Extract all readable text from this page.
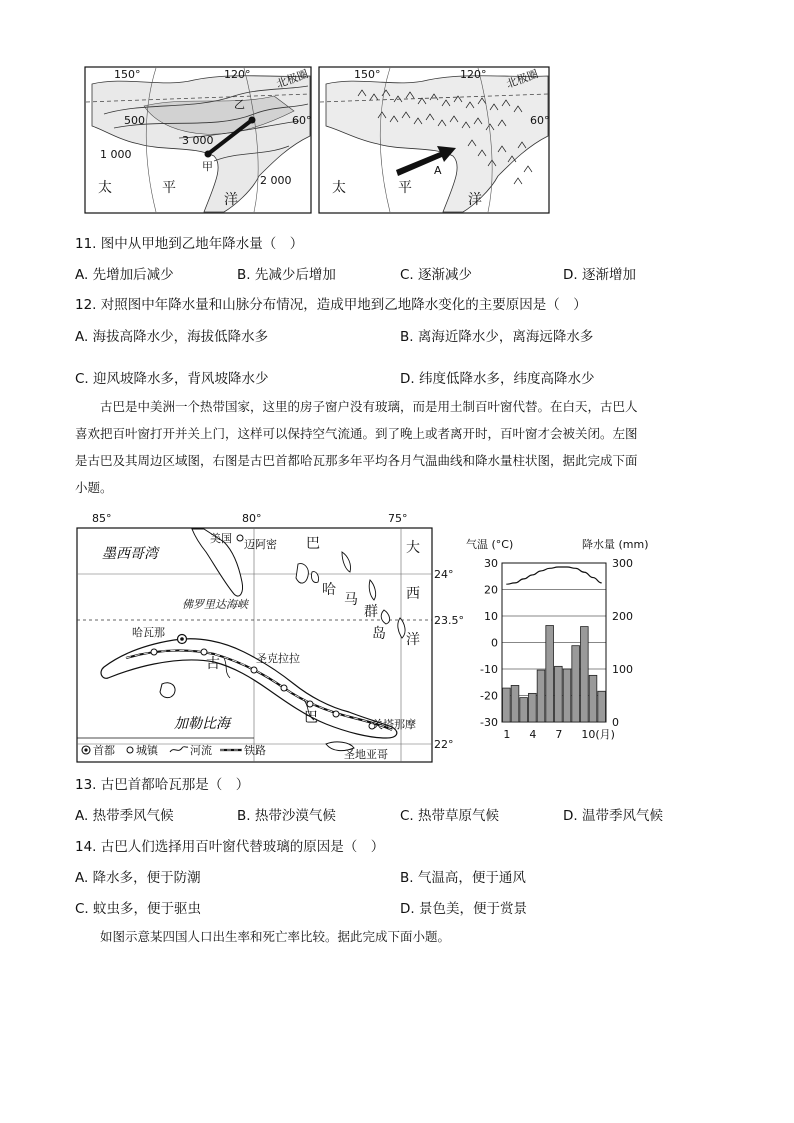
150°	120° 北极圈
60°
500
1 000
3 000
2 000
甲
乙
太	平
洋
150°	120° 北极圈
60°
A
太	平
洋
11. 图中从甲地到乙地年降水量（　）
A. 先增加后减少	B. 先减少后增加	C. 逐渐减少	D. 逐渐增加
12. 对照图中年降水量和山脉分布情况，造成甲地到乙地降水变化的主要原因是（　）
A. 海拔高降水少，海拔低降水多	B. 离海近降水少，离海远降水多
C. 迎风坡降水多，背风坡降水少	D. 纬度低降水多，纬度高降水少
古巴是中美洲一个热带国家，这里的房子窗户没有玻璃，而是用土制百叶窗代替。在白天，古巴人
喜欢把百叶窗打开并关上门，这样可以保持空气流通。到了晚上或者离开时，百叶窗才会被关闭。左图
是古巴及其周边区域图，右图是古巴首都哈瓦那多年平均各月气温曲线和降水量柱状图，据此完成下面
小题。
85°	80°	75°
24°
23.5°
22°
墨西哥湾
美国 迈阿密
佛罗里达海峡
哈瓦那
圣克拉拉
关塔那摩
圣地亚哥
加勒比海
大
西
洋
巴
哈
马
群
岛
古
巴
首都 城镇	河流	铁路
气温 (°C)	降水量 (mm)
30
20
10
0
-10
-20
-30
300
200
100
0
1 4 7 10(月)
13. 古巴首都哈瓦那是（　）
A. 热带季风气候	B. 热带沙漠气候	C. 热带草原气候	D. 温带季风气候
14. 古巴人们选择用百叶窗代替玻璃的原因是（　）
A. 降水多，便于防潮	B. 气温高，便于通风
C. 蚊虫多，便于驱虫	D. 景色美，便于赏景
如图示意某四国人口出生率和死亡率比较。据此完成下面小题。
